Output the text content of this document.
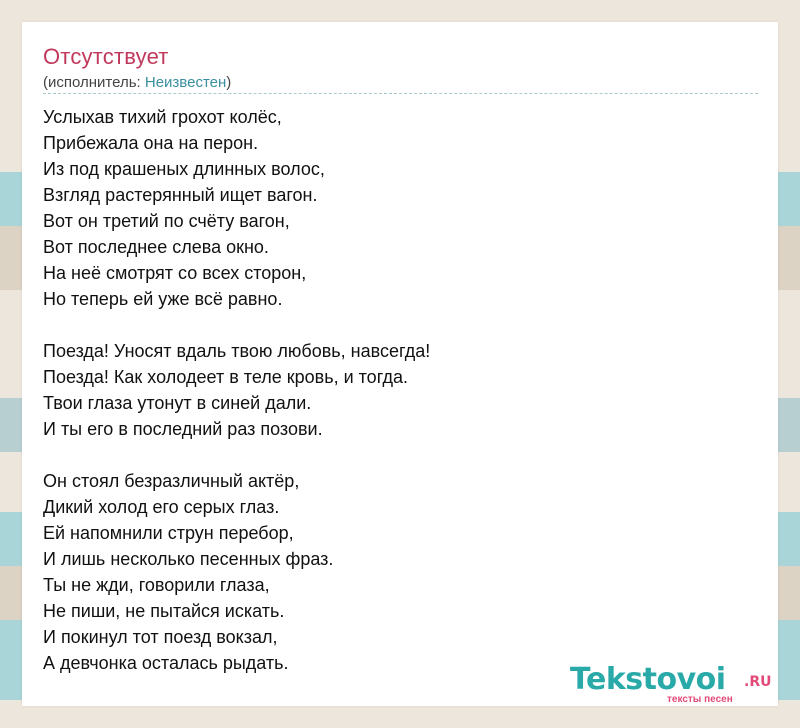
Отсутствует
(исполнитель: Неизвестен)
Услыхав тихий грохот колёс,
Прибежала она на перон.
Из под крашеных длинных волос,
Взгляд растерянный ищет вагон.
Вот он третий по счёту вагон,
Вот последнее слева окно.
На неё смотрят со всех сторон,
Но теперь ей уже всё равно.
Поезда! Уносят вдаль твою любовь, навсегда!
Поезда! Как холодеет в теле кровь, и тогда.
Твои глаза утонут в синей дали.
И ты его в последний раз позови.
Он стоял безразличный актёр,
Дикий холод его серых глаз.
Ей напомнили струн перебор,
И лишь несколько песенных фраз.
Ты не жди, говорили глаза,
Не пиши, не пытайся искать.
И покинул тот поезд вокзал,
А девчонка осталась рыдать.	Tekstovoi .RU
тексты песен
